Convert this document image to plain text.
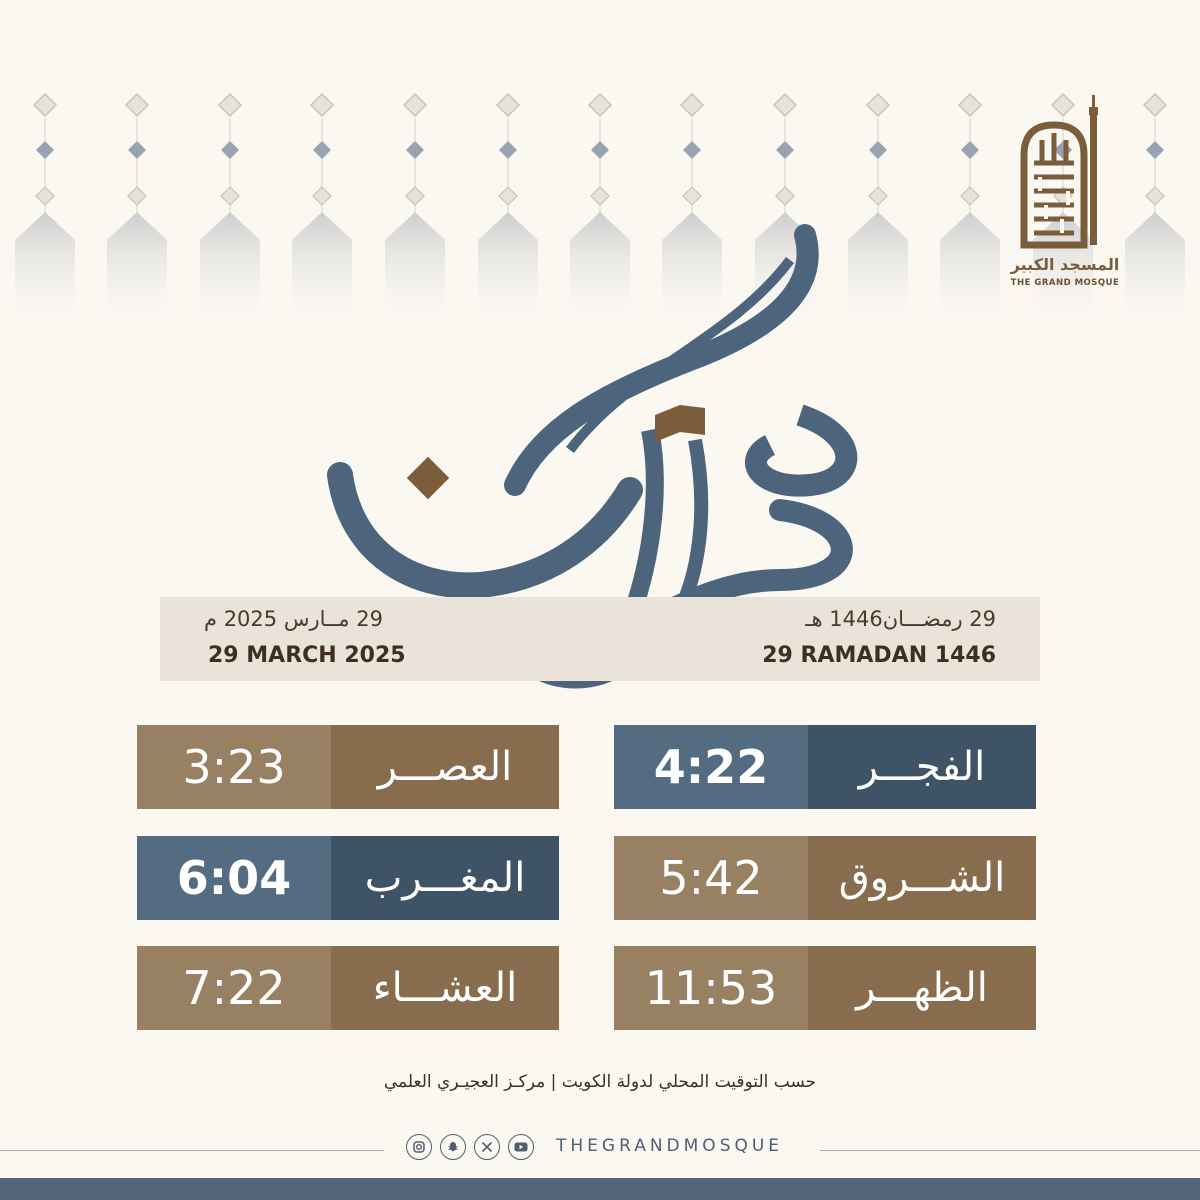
المسجد الكبير
THE GRAND MOSQUE
29 رمضـــان1446 هـ
29 RAMADAN 1446
29 مــارس 2025 م
29 MARCH 2025
الفجـــر
4:22
الشـــروق
5:42
الظهـــر
11:53
العصـــر
3:23
المغـــرب
6:04
العشـــاء
7:22
حسب التوقيت المحلي لدولة الكويت | مركـز العجيـري العلمي
THEGRANDMOSQUE
